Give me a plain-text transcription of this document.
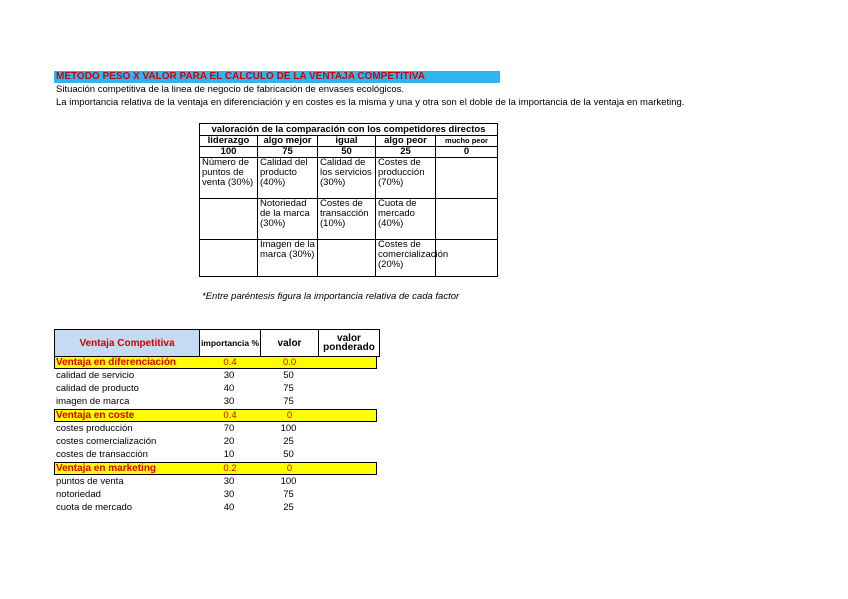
MÉTODO PESO X VALOR PARA EL CÁLCULO DE LA VENTAJA COMPETITIVA
Situación competitiva de la linea de negocio de fabricación de envases ecológicos.
La importancia relativa de la ventaja en diferenciación y en costes es la misma y una y otra son el doble de la importancia de la ventaja en marketing.
valoración de la comparación con los competidores directos				
liderazgo	algo mejor	igual	algo peor	mucho peor
100	75	50	25	0
Número de puntos de venta (30%)	Calidad del producto (40%)	Calidad de los servicios (30%)	Costes de producción (70%)	
	Notoriedad de la marca (30%)	Costes de transacción (10%)	Cuota de mercado (40%)	
	Imagen de la marca (30%)		Costes de comercialización (20%)	
*Entre paréntesis figura la importancia relativa de cada factor
Ventaja Competitiva	importancia %	valor	valor ponderado
Ventaja en diferenciación	0.4	0.0
calidad de servicio	30	50
calidad de producto	40	75
imagen de marca	30	75
Ventaja en coste	0.4	0
costes producción	70	100
costes comercialización	20	25
costes de transacción	10	50
Ventaja en marketing	0.2	0
puntos de venta	30	100
notoriedad	30	75
cuota de mercado	40	25
